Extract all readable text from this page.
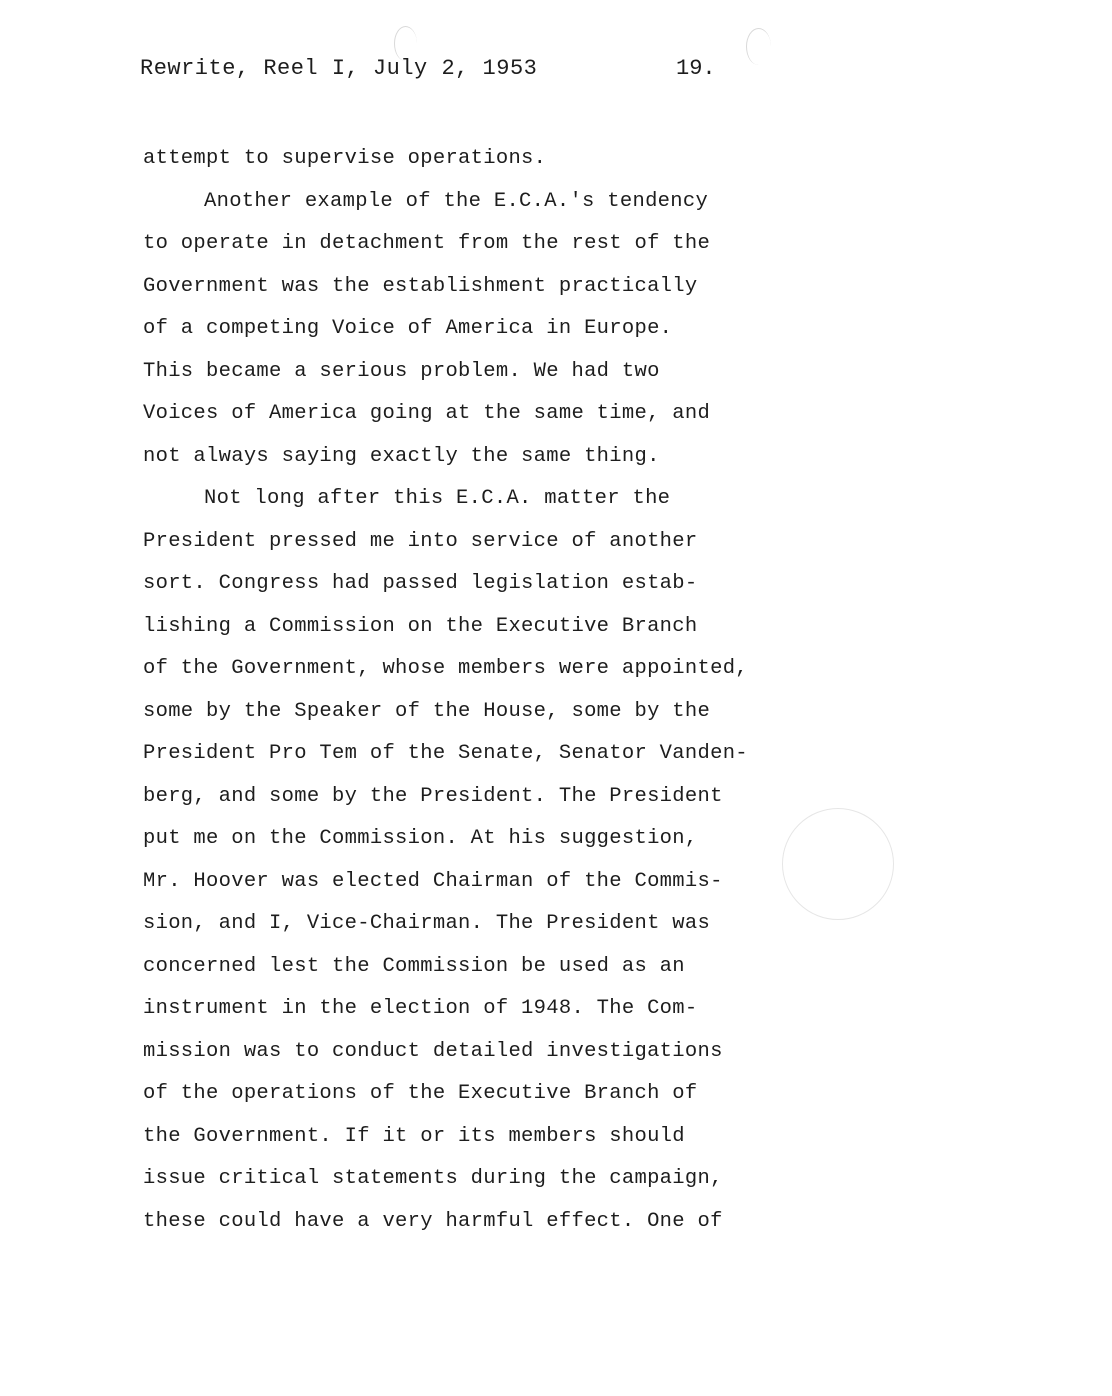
Rewrite, Reel I, July 2, 1953	19.
attempt to supervise operations.
Another example of the E.C.A.'s tendency
to operate in detachment from the rest of the
Government was the establishment practically
of a competing Voice of America in Europe.
This became a serious problem. We had two
Voices of America going at the same time, and
not always saying exactly the same thing.
Not long after this E.C.A. matter the
President pressed me into service of another
sort. Congress had passed legislation estab-
lishing a Commission on the Executive Branch
of the Government, whose members were appointed,
some by the Speaker of the House, some by the
President Pro Tem of the Senate, Senator Vanden-
berg, and some by the President. The President
put me on the Commission. At his suggestion,
Mr. Hoover was elected Chairman of the Commis-
sion, and I, Vice-Chairman. The President was
concerned lest the Commission be used as an
instrument in the election of 1948. The Com-
mission was to conduct detailed investigations
of the operations of the Executive Branch of
the Government. If it or its members should
issue critical statements during the campaign,
these could have a very harmful effect. One of
